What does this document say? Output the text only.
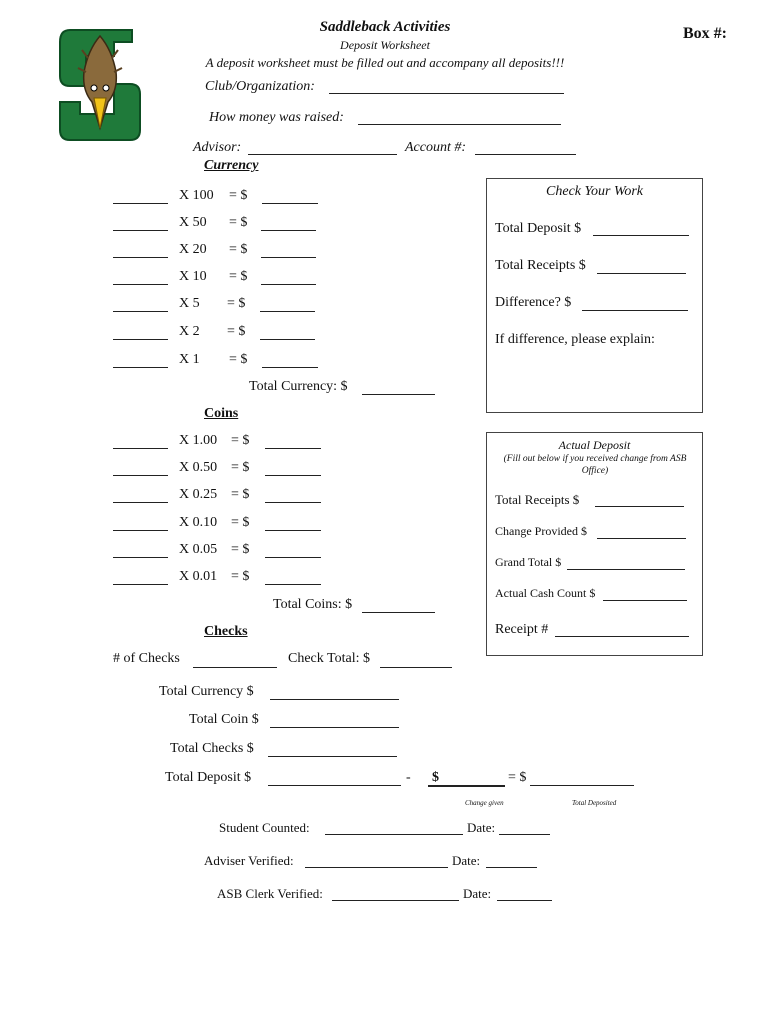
Saddleback Activities
Deposit Worksheet
A deposit worksheet must be filled out and accompany all deposits!!!
Box #:
Club/Organization:
How money was raised:
Advisor:	Account #:
Currency
X 100 = $
X 50 = $
X 20 = $
X 10 = $
X 5 = $
X 2 = $
X 1 = $
Total Currency: $
Coins
X 1.00 = $
X 0.50 = $
X 0.25 = $
X 0.10 = $
X 0.05 = $
X 0.01 = $
Total Coins: $
Checks
# of Checks	Check Total: $
Check Your Work
Total Deposit $
Total Receipts $
Difference? $
If difference, please explain:
Actual Deposit
(Fill out below if you received change from ASB Office)
Total Receipts $
Change Provided $
Grand Total $
Actual Cash Count $
Receipt #
Total Currency $
Total Coin $
Total Checks $
Total Deposit $	- $	= $
Change given	Total Deposited
Student Counted:	Date:
Adviser Verified:	Date:
ASB Clerk Verified:	Date:
